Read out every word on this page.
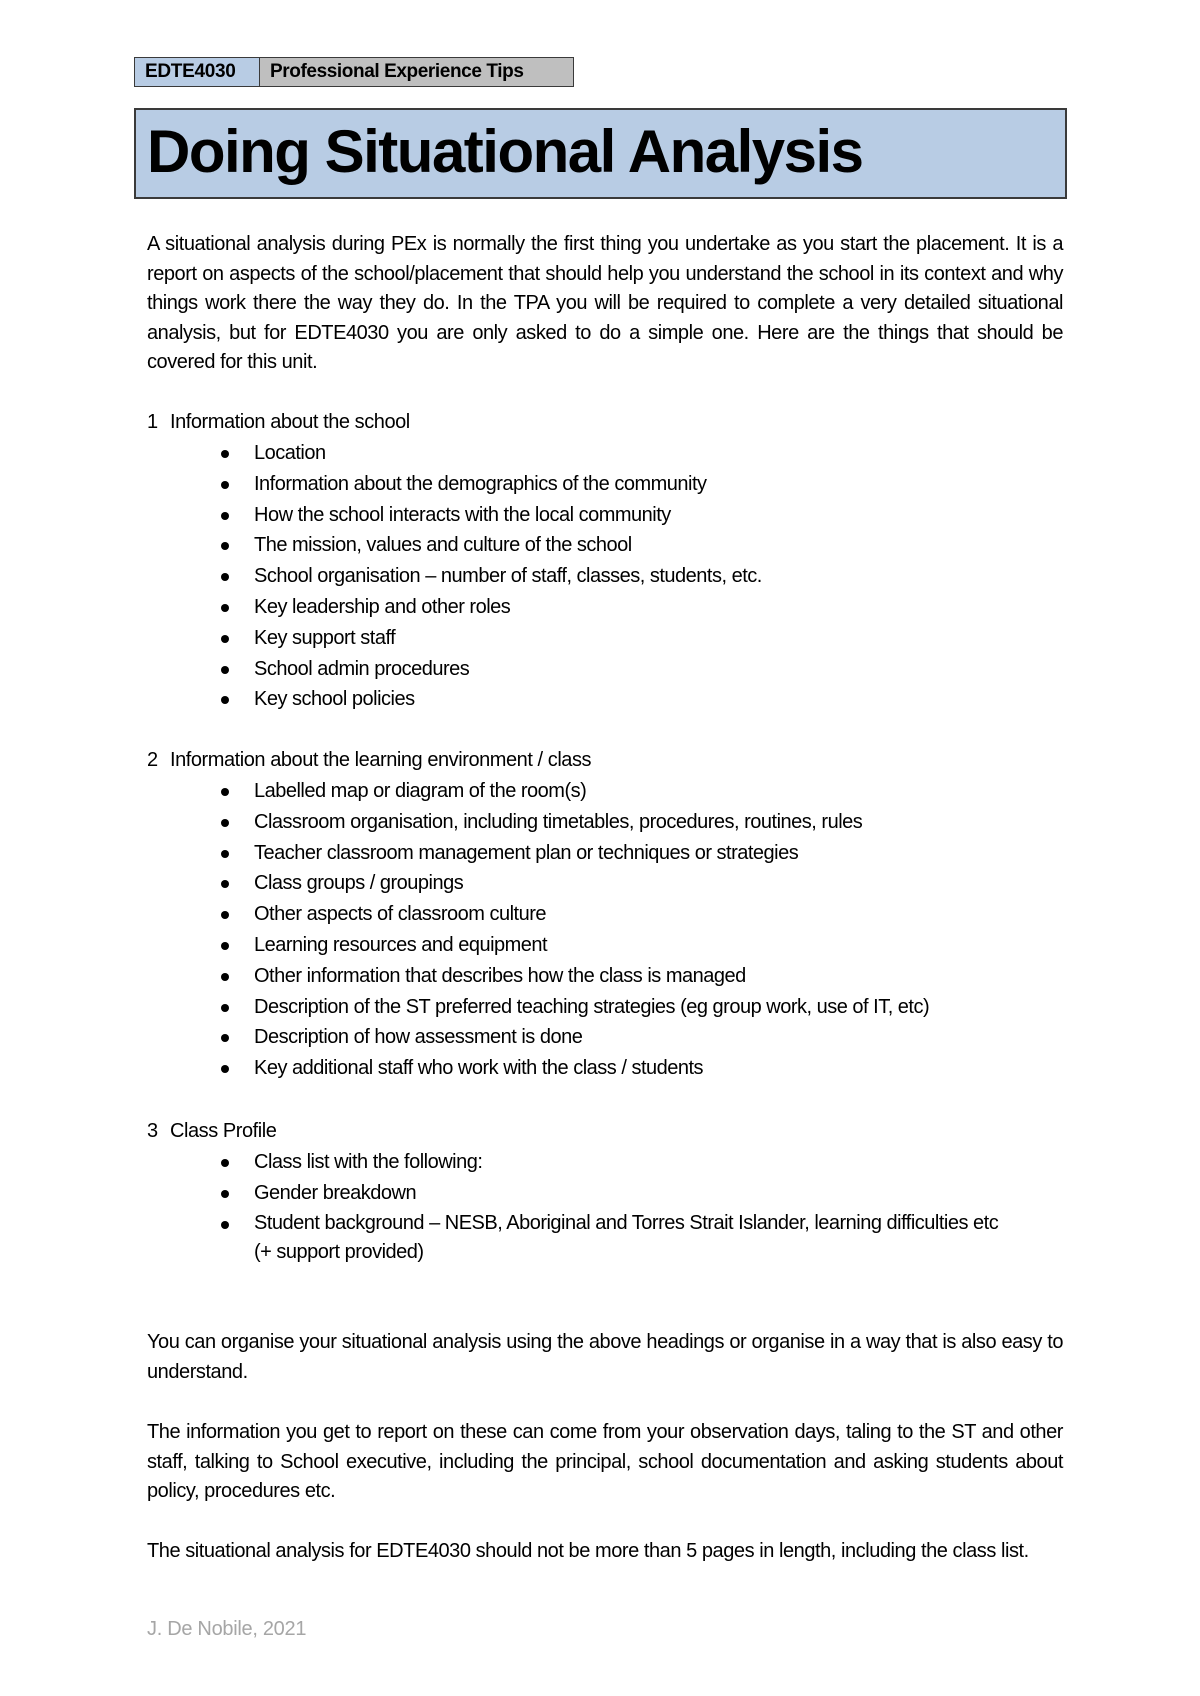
EDTE4030	Professional Experience Tips
Doing Situational Analysis
A situational analysis during PEx is normally the first thing you undertake as you start the placement. It is a report on aspects of the school/placement that should help you understand the school in its context and why things work there the way they do. In the TPA you will be required to complete a very detailed situational analysis, but for EDTE4030 you are only asked to do a simple one. Here are the things that should be covered for this unit.
1 Information about the school
Location
Information about the demographics of the community
How the school interacts with the local community
The mission, values and culture of the school
School organisation – number of staff, classes, students, etc.
Key leadership and other roles
Key support staff
School admin procedures
Key school policies
2 Information about the learning environment / class
Labelled map or diagram of the room(s)
Classroom organisation, including timetables, procedures, routines, rules
Teacher classroom management plan or techniques or strategies
Class groups / groupings
Other aspects of classroom culture
Learning resources and equipment
Other information that describes how the class is managed
Description of the ST preferred teaching strategies (eg group work, use of IT, etc)
Description of how assessment is done
Key additional staff who work with the class / students
3 Class Profile
Class list with the following:
Gender breakdown
Student background – NESB, Aboriginal and Torres Strait Islander, learning difficulties etc (+ support provided)
You can organise your situational analysis using the above headings or organise in a way that is also easy to understand.
The information you get to report on these can come from your observation days, taling to the ST and other staff, talking to School executive, including the principal, school documentation and asking students about policy, procedures etc.
The situational analysis for EDTE4030 should not be more than 5 pages in length, including the class list.
J. De Nobile, 2021
